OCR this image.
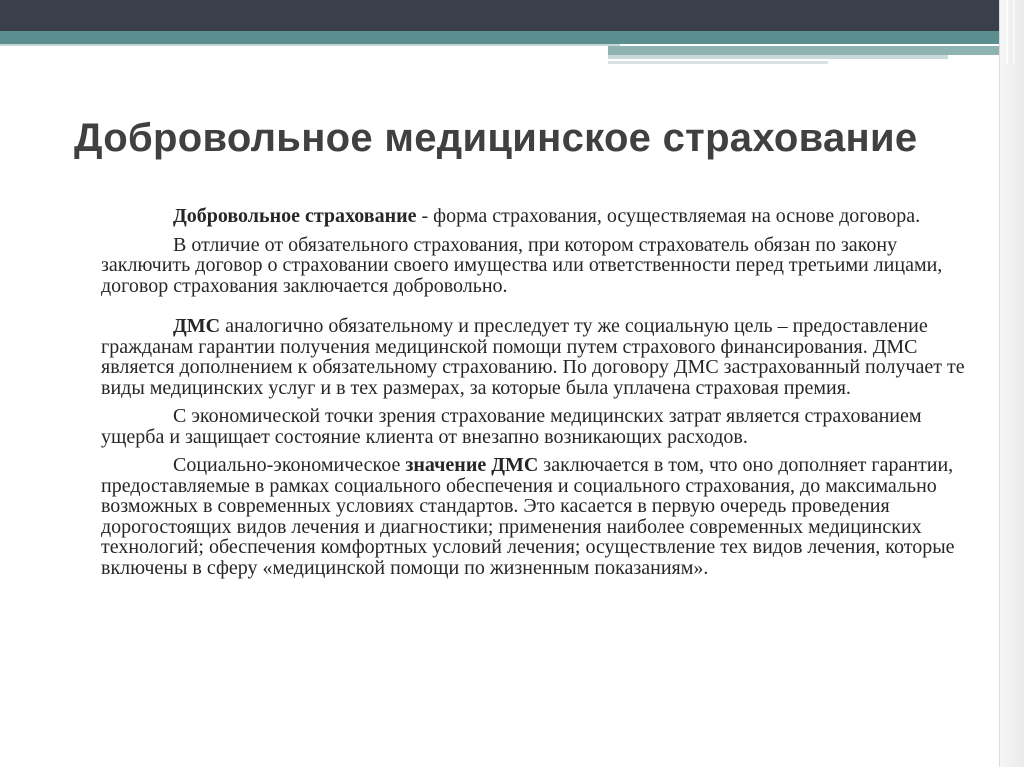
Добровольное медицинское страхование

Добровольное страхование - форма страхования, осуществляемая на основе договора.

В отличие от обязательного страхования, при котором страхователь обязан по закону заключить договор о страховании своего имущества или ответственности перед третьими лицами, договор страхования заключается добровольно.

ДМС аналогично обязательному и преследует ту же социальную цель – предоставление гражданам гарантии получения медицинской помощи путем страхового финансирования. ДМС является дополнением к обязательному страхованию. По договору ДМС застрахованный получает те виды медицинских услуг и в тех размерах, за которые была уплачена страховая премия.

С экономической точки зрения страхование медицинских затрат является страхованием ущерба и защищает состояние клиента от внезапно возникающих расходов.

Социально-экономическое значение ДМС заключается в том, что оно дополняет гарантии, предоставляемые в рамках социального обеспечения и социального страхования, до максимально возможных в современных условиях стандартов. Это касается в первую очередь проведения дорогостоящих видов лечения и диагностики; применения наиболее современных медицинских технологий; обеспечения комфортных условий лечения; осуществление тех видов лечения, которые включены в сферу «медицинской помощи по жизненным показаниям».
